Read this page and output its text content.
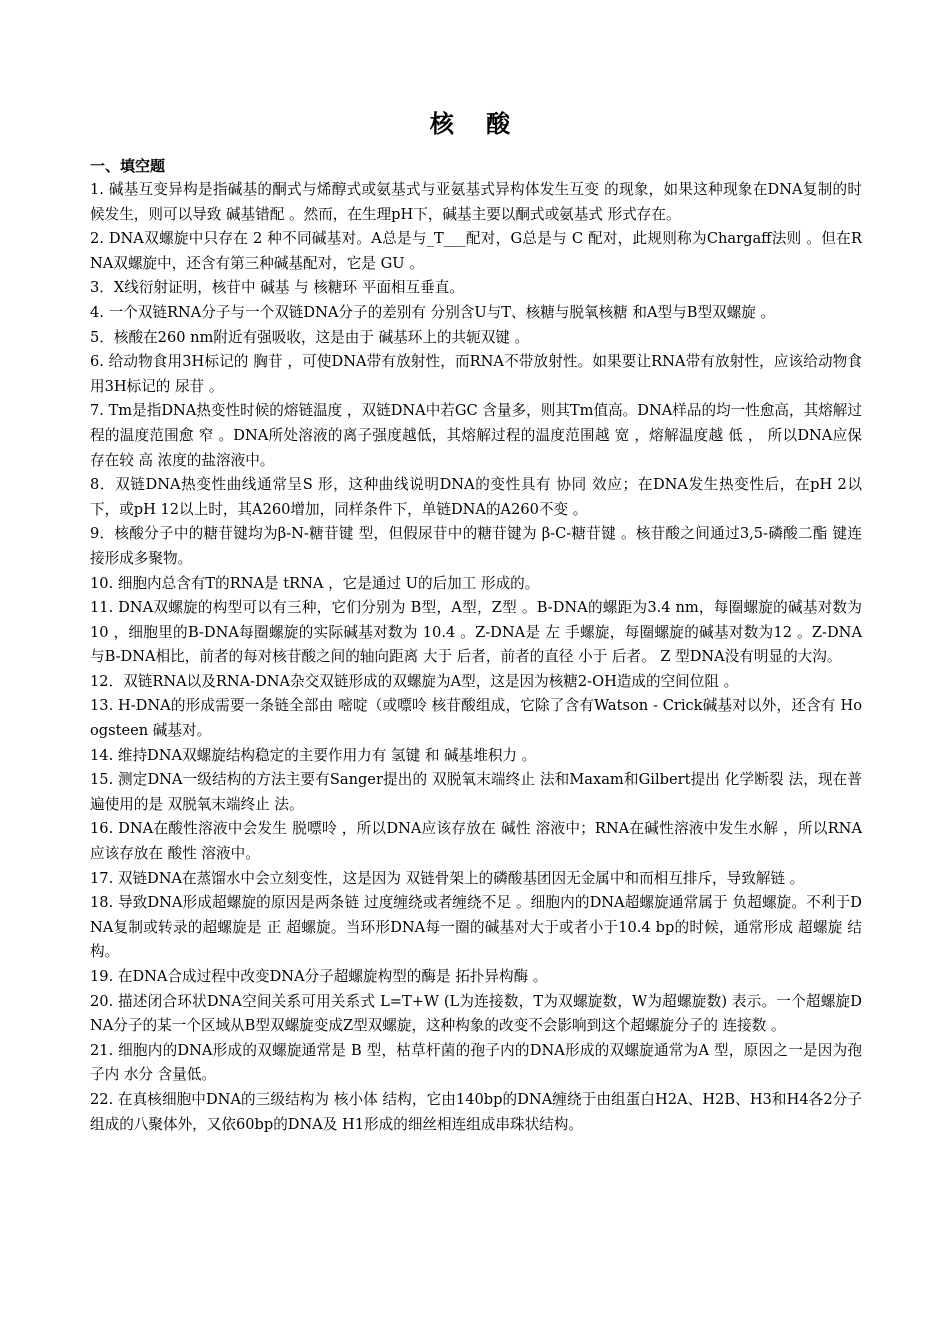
核 酸
一、填空题

1. 碱基互变异构是指碱基的酮式与烯醇式或氨基式与亚氨基式异构体发生互变 的现象，如果这种现象在DNA复制的时候发生，则可以导致 碱基错配 。然而，在生理pH下，碱基主要以酮式或氨基式 形式存在。

2. DNA双螺旋中只存在 2 种不同碱基对。A总是与_T___配对，G总是与 C 配对，此规则称为Chargaff法则 。但在RNA双螺旋中，还含有第三种碱基配对，它是 GU 。

3．X线衍射证明，核苷中 碱基 与 核糖环 平面相互垂直。

4. 一个双链RNA分子与一个双链DNA分子的差别有 分别含U与T、核糖与脱氧核糖 和A型与B型双螺旋 。

5．核酸在260 nm附近有强吸收，这是由于 碱基环上的共轭双键 。

6. 给动物食用3H标记的 胸苷 ，可使DNA带有放射性，而RNA不带放射性。如果要让RNA带有放射性，应该给动物食用3H标记的 尿苷 。

7. Tm是指DNA热变性时候的熔链温度 ，双链DNA中若GC 含量多，则其Tm值高。DNA样品的均一性愈高，其熔解过程的温度范围愈 窄 。DNA所处溶液的离子强度越低，其熔解过程的温度范围越 宽 ，熔解温度越 低 ， 所以DNA应保存在较 高 浓度的盐溶液中。

8．双链DNA热变性曲线通常呈S 形，这种曲线说明DNA的变性具有 协同 效应；在DNA发生热变性后，在pH 2以下，或pH 12以上时，其A260增加，同样条件下，单链DNA的A260不变 。

9．核酸分子中的糖苷键均为β-N-糖苷键 型，但假尿苷中的糖苷键为 β-C-糖苷键 。核苷酸之间通过3,5-磷酸二酯 键连接形成多聚物。

10. 细胞内总含有T的RNA是 tRNA ，它是通过 U的后加工 形成的。

11. DNA双螺旋的构型可以有三种，它们分别为 B型，A型，Z型 。B-DNA的螺距为3.4 nm，每圈螺旋的碱基对数为 10 ，细胞里的B-DNA每圈螺旋的实际碱基对数为 10.4 。Z-DNA是 左 手螺旋，每圈螺旋的碱基对数为12 。Z-DNA与B-DNA相比，前者的每对核苷酸之间的轴向距离 大于 后者，前者的直径 小于 后者。 Z 型DNA没有明显的大沟。

12．双链RNA以及RNA-DNA杂交双链形成的双螺旋为A型，这是因为核糖2-OH造成的空间位阻 。

13. H-DNA的形成需要一条链全部由 嘧啶（或嘌呤 核苷酸组成，它除了含有Watson - Crick碱基对以外，还含有 Hoogsteen 碱基对。

14. 维持DNA双螺旋结构稳定的主要作用力有 氢键 和 碱基堆积力 。

15. 测定DNA一级结构的方法主要有Sanger提出的 双脱氧末端终止 法和Maxam和Gilbert提出 化学断裂 法，现在普遍使用的是 双脱氧末端终止 法。

16. DNA在酸性溶液中会发生 脱嘌呤 ，所以DNA应该存放在 碱性 溶液中；RNA在碱性溶液中发生水解 ，所以RNA应该存放在 酸性 溶液中。

17. 双链DNA在蒸馏水中会立刻变性，这是因为 双链骨架上的磷酸基团因无金属中和而相互排斥，导致解链 。

18. 导致DNA形成超螺旋的原因是两条链 过度缠绕或者缠绕不足 。细胞内的DNA超螺旋通常属于 负超螺旋。不利于DNA复制或转录的超螺旋是 正 超螺旋。当环形DNA每一圈的碱基对大于或者小于10.4 bp的时候，通常形成 超螺旋 结构。

19. 在DNA合成过程中改变DNA分子超螺旋构型的酶是 拓扑异构酶 。

20. 描述闭合环状DNA空间关系可用关系式 L=T+W (L为连接数，T为双螺旋数，W为超螺旋数) 表示。一个超螺旋DNA分子的某一个区域从B型双螺旋变成Z型双螺旋，这种构象的改变不会影响到这个超螺旋分子的 连接数 。

21. 细胞内的DNA形成的双螺旋通常是 B 型，枯草杆菌的孢子内的DNA形成的双螺旋通常为A 型，原因之一是因为孢子内 水分 含量低。

22. 在真核细胞中DNA的三级结构为 核小体 结构，它由140bp的DNA缠绕于由组蛋白H2A、H2B、H3和H4各2分子 组成的八聚体外，又依60bp的DNA及 H1形成的细丝相连组成串珠状结构。
